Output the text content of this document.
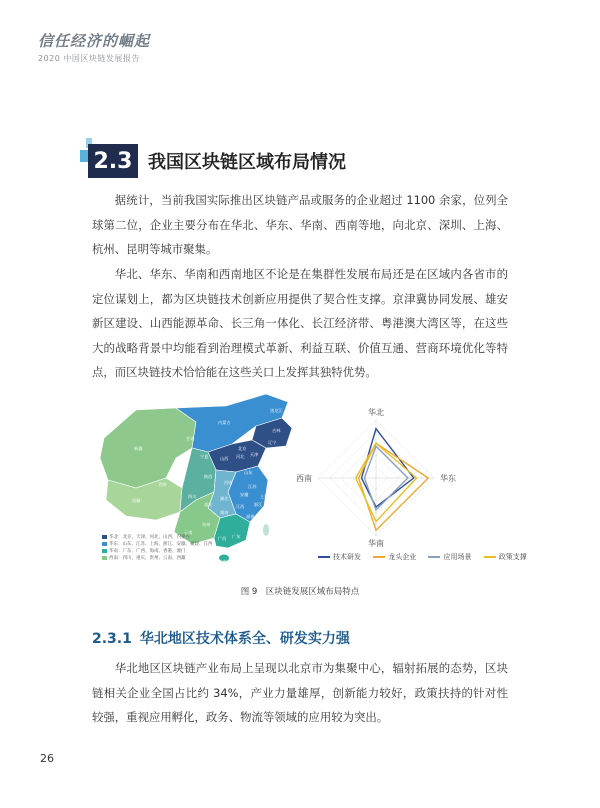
信任经济的崛起
2020 中国区块链发展报告
2.3 我国区块链区域布局情况
据统计，当前我国实际推出区块链产品或服务的企业超过 1100 余家，位列全球第二位，企业主要分布在华北、华东、华南、西南等地，向北京、深圳、上海、杭州、昆明等城市聚集。
华北、华东、华南和西南地区不论是在集群性发展布局还是在区域内各省市的定位谋划上，都为区块链技术创新应用提供了契合性支撑。京津冀协同发展、雄安新区建设、山西能源革命、长三角一体化、长江经济带、粤港澳大湾区等，在这些大的战略背景中均能看到治理模式革新、利益互联、价值互通、营商环境优化等特点，而区块链技术恰恰能在这些关口上发挥其独特优势。
新疆
西藏
青海
甘肃
内蒙古
四川
云南
贵州
广西 广东
湖南
湖北
河南
山东
江苏
浙江
福建
江西
安徽
陕西
山西 河北
北京
天津
辽宁
吉林
黑龙江
上海
重庆
海南
宁夏
台湾
华北：北京、天津、河北、山西、内蒙古
华东：山东、江苏、上海、浙江、安徽、福建、江西
华南：广东、广西、海南、香港、澳门
西南：四川、重庆、贵州、云南、西藏
华北
华东
华南
西南
技术研发	龙头企业	应用场景	政策支撑
图 9　区块链发展区域布局特点
2.3.1 华北地区技术体系全、研发实力强
华北地区区块链产业布局上呈现以北京市为集聚中心，辐射拓展的态势，区块链相关企业全国占比约 34%，产业力量雄厚，创新能力较好，政策扶持的针对性较强，重视应用孵化，政务、物流等领域的应用较为突出。
26
